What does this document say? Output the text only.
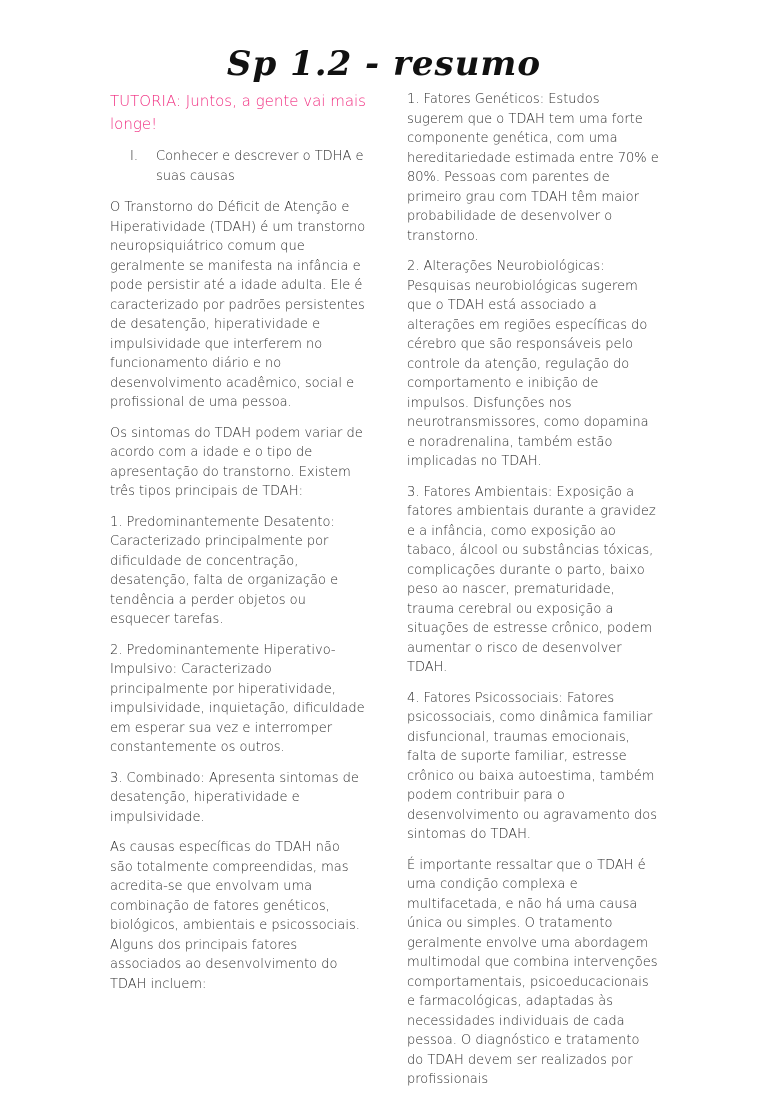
Sp 1.2 - resumo

TUTORIA: Juntos, a gente vai mais longe!

I.	Conhecer e descrever o TDHA e suas causas

O Transtorno do Déficit de Atenção e Hiperatividade (TDAH) é um transtorno neuropsiquiátrico comum que geralmente se manifesta na infância e pode persistir até a idade adulta. Ele é caracterizado por padrões persistentes de desatenção, hiperatividade e impulsividade que interferem no funcionamento diário e no desenvolvimento acadêmico, social e profissional de uma pessoa.

Os sintomas do TDAH podem variar de acordo com a idade e o tipo de apresentação do transtorno. Existem três tipos principais de TDAH:

1. Predominantemente Desatento: Caracterizado principalmente por dificuldade de concentração, desatenção, falta de organização e tendência a perder objetos ou esquecer tarefas.

2. Predominantemente Hiperativo-Impulsivo: Caracterizado principalmente por hiperatividade, impulsividade, inquietação, dificuldade em esperar sua vez e interromper constantemente os outros.

3. Combinado: Apresenta sintomas de desatenção, hiperatividade e impulsividade.

As causas específicas do TDAH não são totalmente compreendidas, mas acredita-se que envolvam uma combinação de fatores genéticos, biológicos, ambientais e psicossociais. Alguns dos principais fatores associados ao desenvolvimento do TDAH incluem:

1. Fatores Genéticos: Estudos sugerem que o TDAH tem uma forte componente genética, com uma hereditariedade estimada entre 70% e 80%. Pessoas com parentes de primeiro grau com TDAH têm maior probabilidade de desenvolver o transtorno.

2. Alterações Neurobiológicas: Pesquisas neurobiológicas sugerem que o TDAH está associado a alterações em regiões específicas do cérebro que são responsáveis pelo controle da atenção, regulação do comportamento e inibição de impulsos. Disfunções nos neurotransmissores, como dopamina e noradrenalina, também estão implicadas no TDAH.

3. Fatores Ambientais: Exposição a fatores ambientais durante a gravidez e a infância, como exposição ao tabaco, álcool ou substâncias tóxicas, complicações durante o parto, baixo peso ao nascer, prematuridade, trauma cerebral ou exposição a situações de estresse crônico, podem aumentar o risco de desenvolver TDAH.

4. Fatores Psicossociais: Fatores psicossociais, como dinâmica familiar disfuncional, traumas emocionais, falta de suporte familiar, estresse crônico ou baixa autoestima, também podem contribuir para o desenvolvimento ou agravamento dos sintomas do TDAH.

É importante ressaltar que o TDAH é uma condição complexa e multifacetada, e não há uma causa única ou simples. O tratamento geralmente envolve uma abordagem multimodal que combina intervenções comportamentais, psicoeducacionais e farmacológicas, adaptadas às necessidades individuais de cada pessoa. O diagnóstico e tratamento do TDAH devem ser realizados por profissionais
